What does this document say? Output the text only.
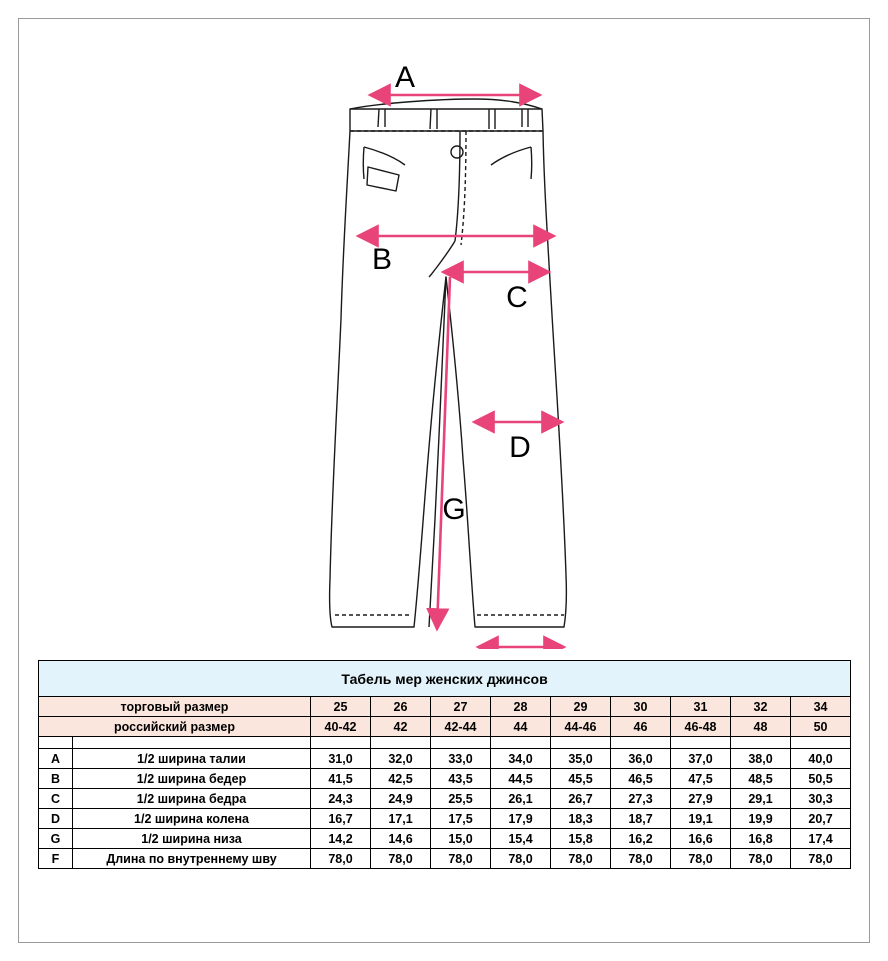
A
B
C
D
G
Табель мер женских джинсов										
торговый размер		25	26	27	28	29	30	31	32	34
российский размер		40-42	42	42-44	44	44-46	46	46-48	48	50

A	1/2 ширина талии	31,0	32,0	33,0	34,0	35,0	36,0	37,0	38,0	40,0
B	1/2 ширина бедер	41,5	42,5	43,5	44,5	45,5	46,5	47,5	48,5	50,5
C	1/2 ширина бедра	24,3	24,9	25,5	26,1	26,7	27,3	27,9	29,1	30,3
D	1/2 ширина колена	16,7	17,1	17,5	17,9	18,3	18,7	19,1	19,9	20,7
G	1/2 ширина низа	14,2	14,6	15,0	15,4	15,8	16,2	16,6	16,8	17,4
F	Длина по внутреннему шву	78,0	78,0	78,0	78,0	78,0	78,0	78,0	78,0	78,0
